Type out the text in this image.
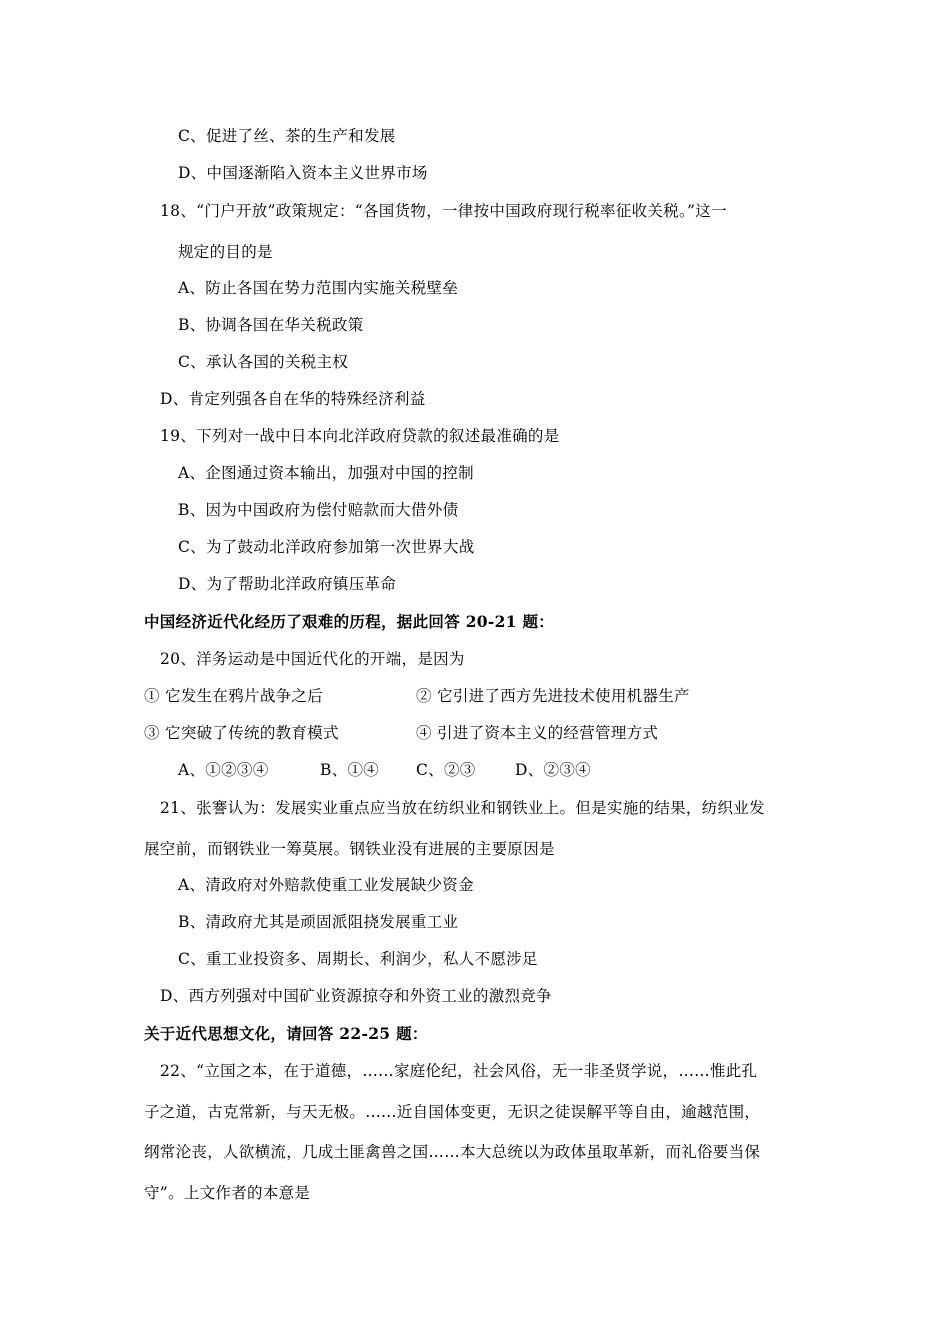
C、促进了丝、茶的生产和发展
D、中国逐渐陷入资本主义世界市场
18、“门户开放”政策规定：“各国货物，一律按中国政府现行税率征收关税。”这一
规定的目的是
A、防止各国在势力范围内实施关税壁垒
B、协调各国在华关税政策
C、承认各国的关税主权
D、肯定列强各自在华的特殊经济利益
19、下列对一战中日本向北洋政府贷款的叙述最准确的是
A、企图通过资本输出，加强对中国的控制
B、因为中国政府为偿付赔款而大借外债
C、为了鼓动北洋政府参加第一次世界大战
D、为了帮助北洋政府镇压革命
中国经济近代化经历了艰难的历程，据此回答 20-21 题：
20、洋务运动是中国近代化的开端，是因为
① 它发生在鸦片战争之后	② 它引进了西方先进技术使用机器生产
③ 它突破了传统的教育模式	④ 引进了资本主义的经营管理方式
A、①②③④	B、①④ C、②③	D、②③④
21、张謇认为：发展实业重点应当放在纺织业和钢铁业上。但是实施的结果，纺织业发
展空前，而钢铁业一筹莫展。钢铁业没有进展的主要原因是
A、清政府对外赔款使重工业发展缺少资金
B、清政府尤其是顽固派阻挠发展重工业
C、重工业投资多、周期长、利润少，私人不愿涉足
D、西方列强对中国矿业资源掠夺和外资工业的激烈竞争
关于近代思想文化，请回答 22-25 题：
22、“立国之本，在于道德，……家庭伦纪，社会风俗，无一非圣贤学说，……惟此孔
子之道，古克常新，与天无极。……近自国体变更，无识之徒误解平等自由，逾越范围，
纲常沦丧，人欲横流，几成土匪禽兽之国……本大总统以为政体虽取革新，而礼俗要当保
守”。上文作者的本意是
